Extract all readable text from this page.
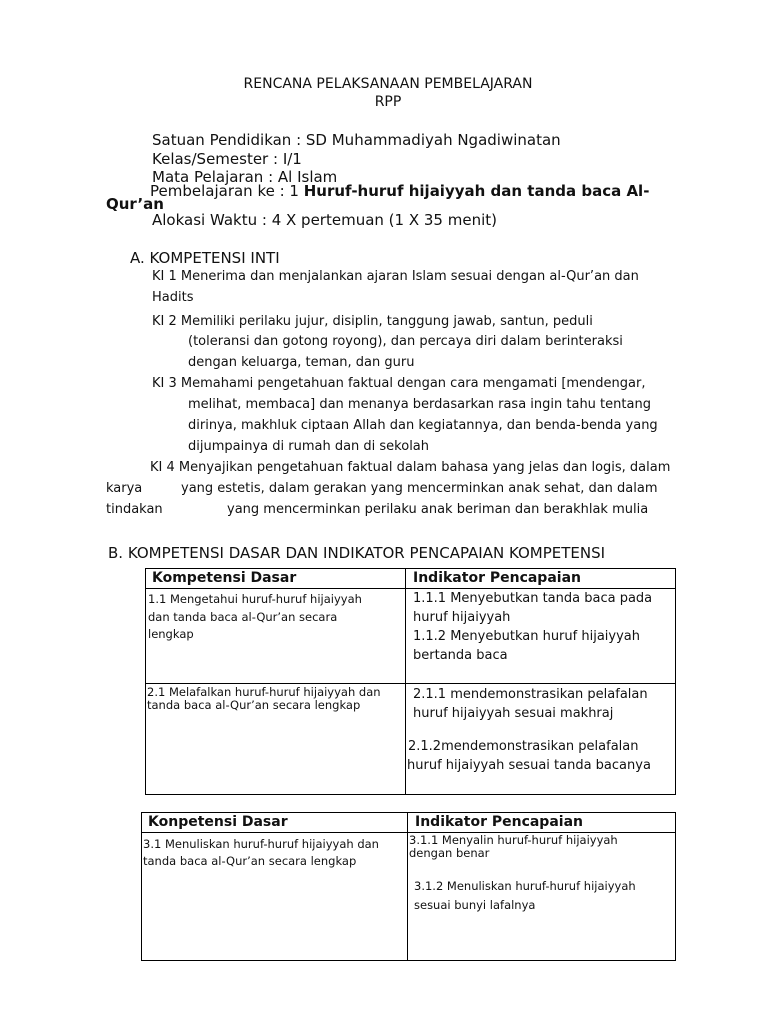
RENCANA PELAKSANAAN PEMBELAJARAN
RPP
Satuan Pendidikan : SD Muhammadiyah Ngadiwinatan
Kelas/Semester : I/1
Mata Pelajaran : Al Islam
Pembelajaran ke : 1 Huruf-huruf hijaiyyah dan tanda baca Al-
Qur’an
Alokasi Waktu : 4 X pertemuan (1 X 35 menit)
A. KOMPETENSI INTI
KI 1 Menerima dan menjalankan ajaran Islam sesuai dengan al-Qur’an dan
Hadits
KI 2 Memiliki perilaku jujur, disiplin, tanggung jawab, santun, peduli
(toleransi dan gotong royong), dan percaya diri dalam berinteraksi
dengan keluarga, teman, dan guru
KI 3 Memahami pengetahuan faktual dengan cara mengamati [mendengar,
melihat, membaca] dan menanya berdasarkan rasa ingin tahu tentang
dirinya, makhluk ciptaan Allah dan kegiatannya, dan benda-benda yang
dijumpainya di rumah dan di sekolah
KI 4 Menyajikan pengetahuan faktual dalam bahasa yang jelas dan logis, dalam
karya	yang estetis, dalam gerakan yang mencerminkan anak sehat, dan dalam
tindakan	yang mencerminkan perilaku anak beriman dan berakhlak mulia
B. KOMPETENSI DASAR DAN INDIKATOR PENCAPAIAN KOMPETENSI
Kompetensi Dasar	Indikator Pencapaian

1.1 Mengetahui huruf-huruf hijaiyyah
dan tanda baca al-Qur’an secara
lengkap	1.1.1 Menyebutkan tanda baca pada
huruf hijaiyyah
1.1.2 Menyebutkan huruf hijaiyyah
bertanda baca

2.1 Melafalkan huruf-huruf hijaiyyah dan
tanda baca al-Qur’an secara lengkap	2.1.1 mendemonstrasikan pelafalan
huruf hijaiyyah sesuai makhraj
2.1.2mendemonstrasikan pelafalan
huruf hijaiyyah sesuai tanda bacanya
Konpetensi Dasar	Indikator Pencapaian

3.1 Menuliskan huruf-huruf hijaiyyah dan
tanda baca al-Qur’an secara lengkap	3.1.1 Menyalin huruf-huruf hijaiyyah
dengan benar
3.1.2 Menuliskan huruf-huruf hijaiyyah
sesuai bunyi lafalnya
